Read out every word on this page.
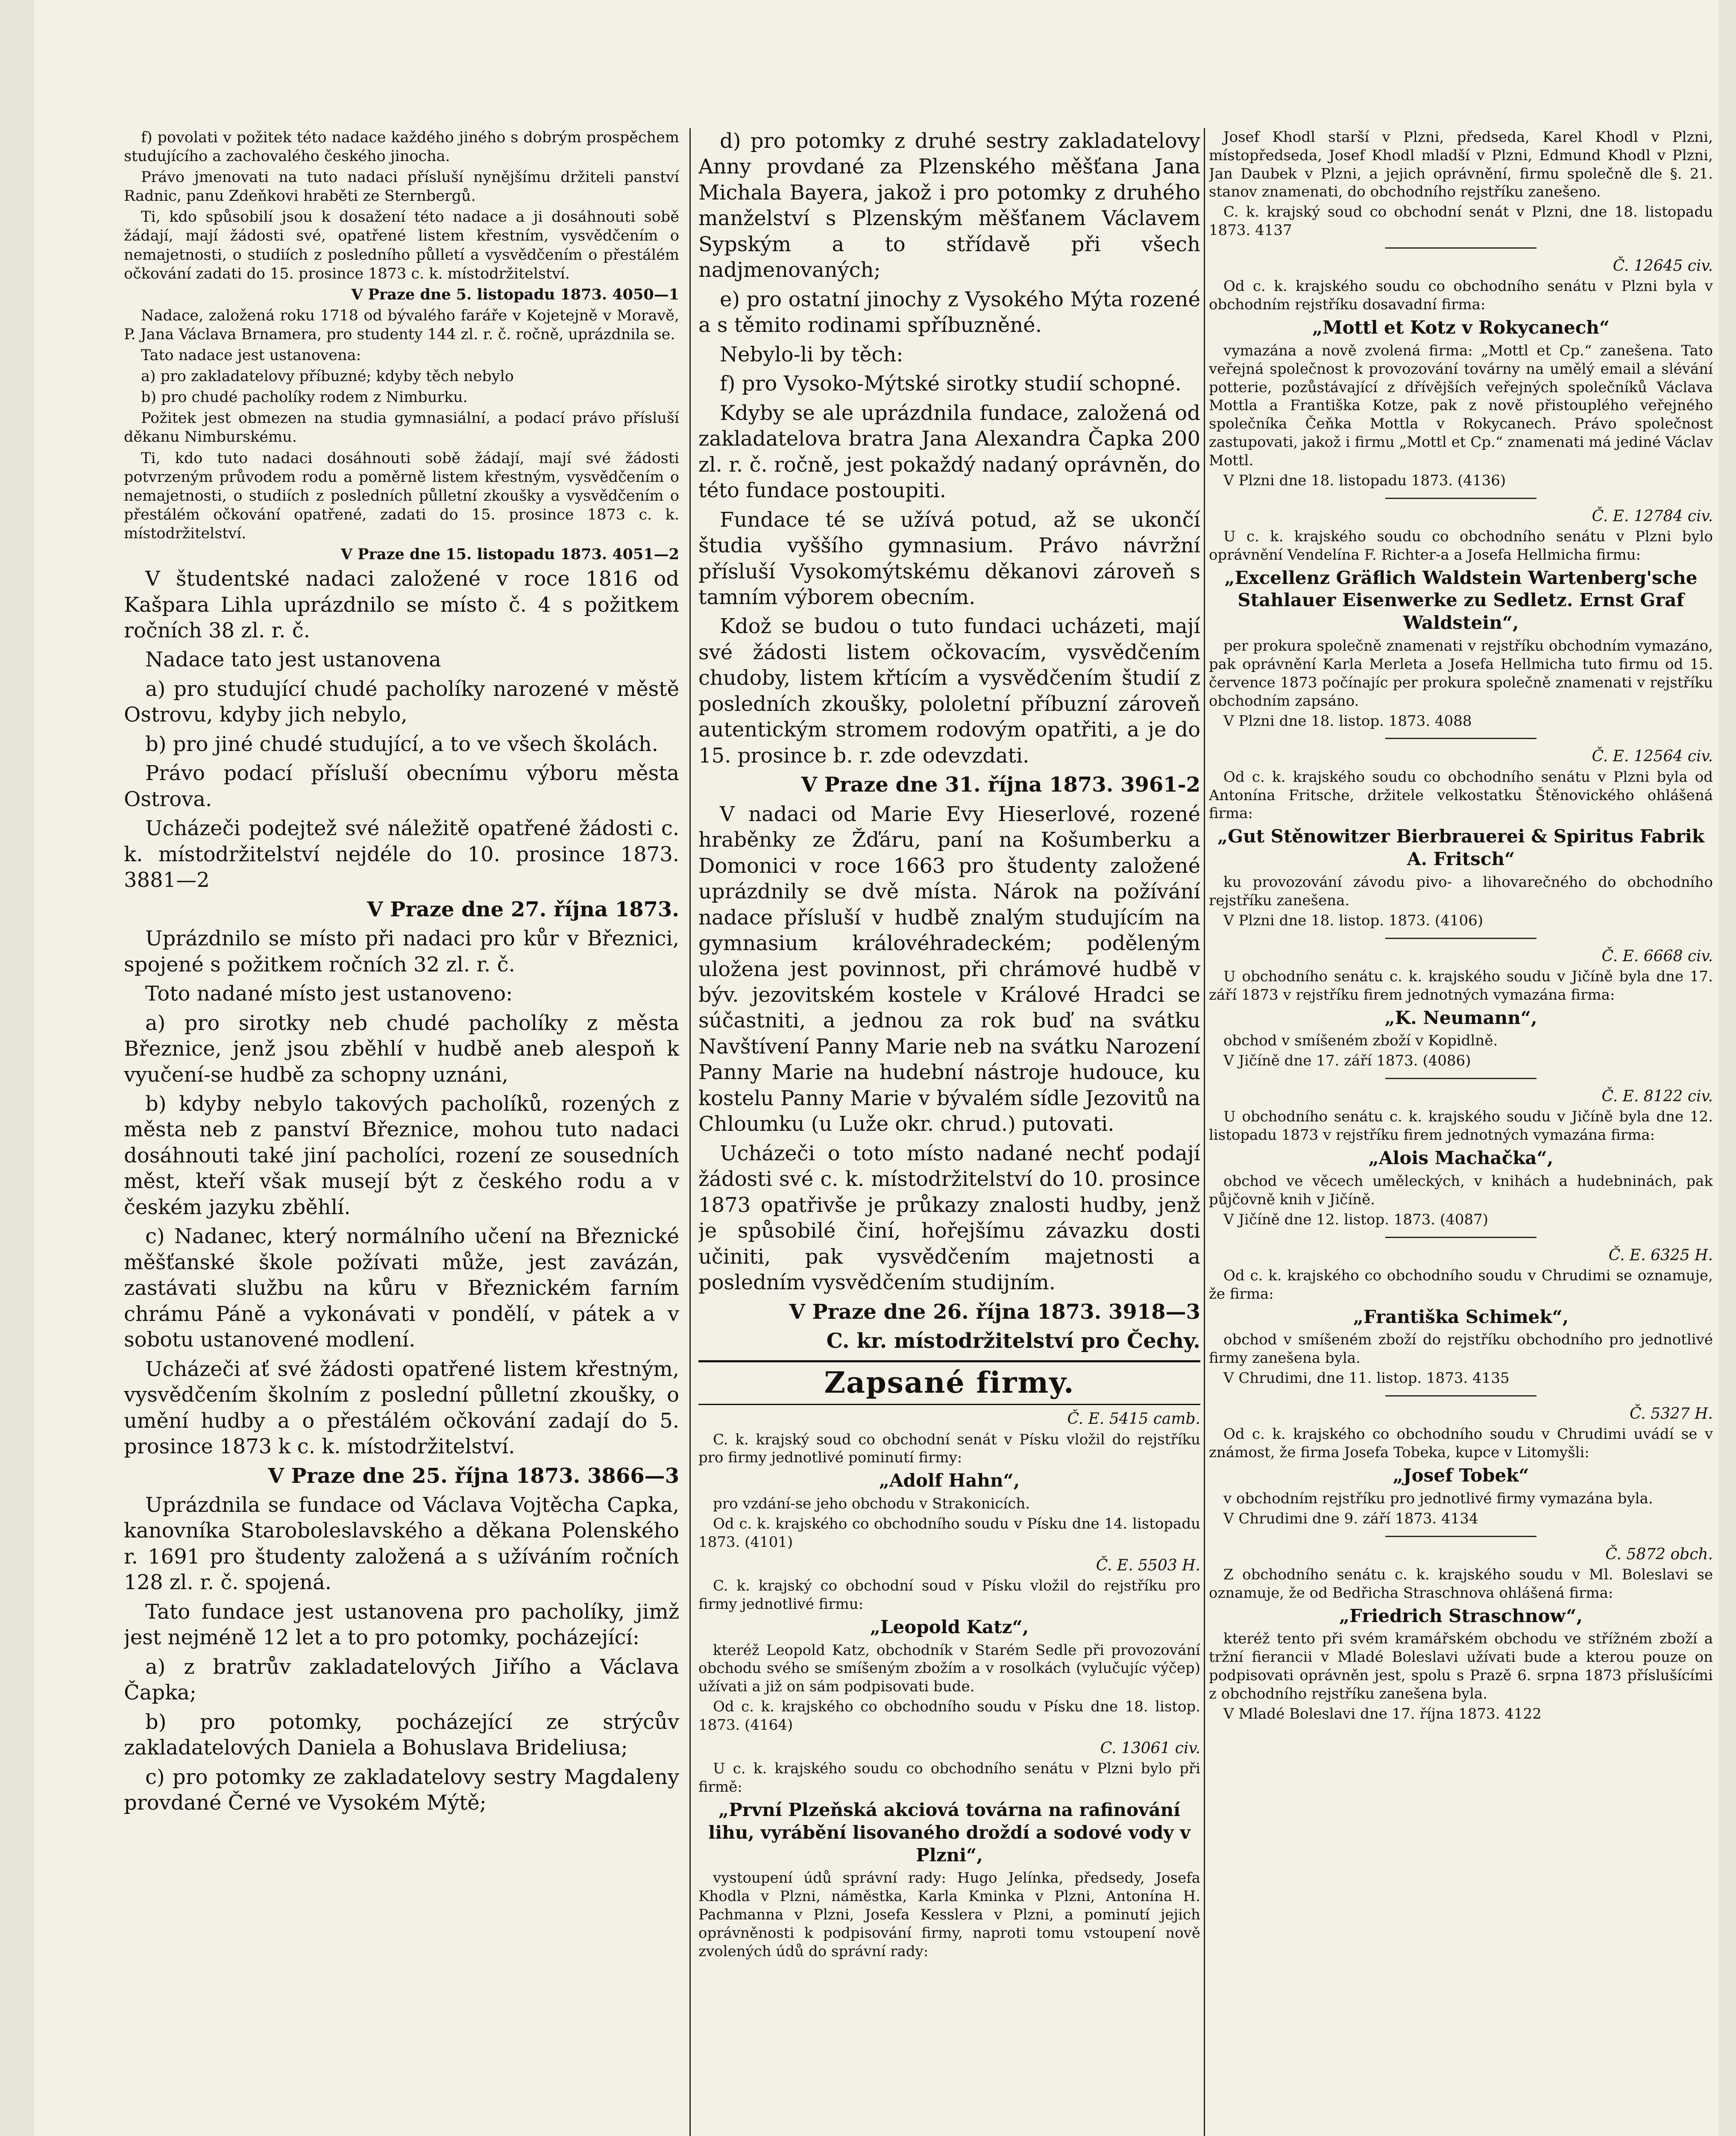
f) povolati v požitek této nadace každého jiného s dobrým prospěchem studujícího a zachovalého českého jinocha.

Právo jmenovati na tuto nadaci přísluší nynějšímu držiteli panství Radnic, panu Zdeňkovi hraběti ze Sternbergů.

Ti, kdo spůsobilí jsou k dosažení této nadace a ji dosáhnouti sobě žádají, mají žádosti své, opatřené listem křestním, vysvědčením o nemajetnosti, o studiích z posledního půlletí a vysvědčením o přestálém očkování zadati do 15. prosince 1873 c. k. místodržitelství.

V Praze dne 5. listopadu 1873. 4050—1

Nadace, založená roku 1718 od bývalého faráře v Kojetejně v Moravě, P. Jana Václava Brnamera, pro studenty 144 zl. r. č. ročně, uprázdnila se.

Tato nadace jest ustanovena:

a) pro zakladatelovy příbuzné; kdyby těch nebylo

b) pro chudé pacholíky rodem z Nimburku.

Požitek jest obmezen na studia gymnasiální, a podací právo přísluší děkanu Nimburskému.

Ti, kdo tuto nadaci dosáhnouti sobě žádají, mají své žádosti potvrzeným průvodem rodu a poměrně listem křestným, vysvědčením o nemajetnosti, o studiích z posledních půlletní zkoušky a vysvědčením o přestálém očkování opatřené, zadati do 15. prosince 1873 c. k. místodržitelství.

V Praze dne 15. listopadu 1873. 4051—2

V študentské nadaci založené v roce 1816 od Kašpara Lihla uprázdnilo se místo č. 4 s požitkem ročních 38 zl. r. č.

Nadace tato jest ustanovena

a) pro studující chudé pacholíky narozené v městě Ostrovu, kdyby jich nebylo,

b) pro jiné chudé studující, a to ve všech školách.

Právo podací přísluší obecnímu výboru města Ostrova.

Ucházeči podejtež své náležitě opatřené žádosti c. k. místodržitelství nejdéle do 10. prosince 1873. 3881—2

V Praze dne 27. října 1873.

Uprázdnilo se místo při nadaci pro kůr v Březnici, spojené s požitkem ročních 32 zl. r. č.

Toto nadané místo jest ustanoveno:

a) pro sirotky neb chudé pacholíky z města Březnice, jenž jsou zběhlí v hudbě aneb alespoň k vyučení-se hudbě za schopny uznáni,

b) kdyby nebylo takových pacholíků, rozených z města neb z panství Březnice, mohou tuto nadaci dosáhnouti také jiní pacholíci, rození ze sousedních měst, kteří však musejí být z českého rodu a v českém jazyku zběhlí.

c) Nadanec, který normálního učení na Březnické měšťanské škole požívati může, jest zavázán, zastávati službu na kůru v Březnickém farním chrámu Páně a vykonávati v pondělí, v pátek a v sobotu ustanovené modlení.

Ucházeči ať své žádosti opatřené listem křestným, vysvědčením školním z poslední půlletní zkoušky, o umění hudby a o přestálém očkování zadají do 5. prosince 1873 k c. k. místodržitelství.

V Praze dne 25. října 1873. 3866—3

Uprázdnila se fundace od Václava Vojtěcha Capka, kanovníka Staroboleslavského a děkana Polenského r. 1691 pro študenty založená a s užíváním ročních 128 zl. r. č. spojená.

Tato fundace jest ustanovena pro pacholíky, jimž jest nejméně 12 let a to pro potomky, pocházející:

a) z bratrův zakladatelových Jiřího a Václava Čapka;

b) pro potomky, pocházející ze strýcův zakladatelových Daniela a Bohuslava Brideliusa;

c) pro potomky ze zakladatelovy sestry Magdaleny provdané Černé ve Vysokém Mýtě;

d) pro potomky z druhé sestry zakladatelovy Anny provdané za Plzenského měšťana Jana Michala Bayera, jakož i pro potomky z druhého manželství s Plzenským měšťanem Václavem Sypským a to střídavě při všech nadjmenovaných;

e) pro ostatní jinochy z Vysokého Mýta rozené a s těmito rodinami spříbuzněné.

Nebylo-li by těch:

f) pro Vysoko-Mýtské sirotky studií schopné.

Kdyby se ale uprázdnila fundace, založená od zakladatelova bratra Jana Alexandra Čapka 200 zl. r. č. ročně, jest pokaždý nadaný oprávněn, do této fundace postoupiti.

Fundace té se užívá potud, až se ukončí študia vyššího gymnasium. Právo návržní přísluší Vysokomýtskému děkanovi zároveň s tamním výborem obecním.

Kdož se budou o tuto fundaci ucházeti, mají své žádosti listem očkovacím, vysvědčením chudoby, listem křtícím a vysvědčením študií z posledních zkoušky, pololetní příbuzní zároveň autentickým stromem rodovým opatřiti, a je do 15. prosince b. r. zde odevzdati.

V Praze dne 31. října 1873. 3961-2

V nadaci od Marie Evy Hieserlové, rozené hraběnky ze Žďáru, paní na Košumberku a Domonici v roce 1663 pro študenty založené uprázdnily se dvě místa. Nárok na požívání nadace přísluší v hudbě znalým studujícím na gymnasium královéhradeckém; poděleným uložena jest povinnost, při chrámové hudbě v býv. jezovitském kostele v Králové Hradci se súčastniti, a jednou za rok buď na svátku Navštívení Panny Marie neb na svátku Narození Panny Marie na hudební nástroje hudouce, ku kostelu Panny Marie v bývalém sídle Jezovitů na Chloumku (u Luže okr. chrud.) putovati.

Ucházeči o toto místo nadané nechť podají žádosti své c. k. místodržitelství do 10. prosince 1873 opatřivše je průkazy znalosti hudby, jenž je spůsobilé činí, hořejšímu závazku dosti učiniti, pak vysvědčením majetnosti a posledním vysvědčením studijním.

V Praze dne 26. října 1873. 3918—3

C. kr. místodržitelství pro Čechy.

Zapsané firmy.

Č. E. 5415 camb.

C. k. krajský soud co obchodní senát v Písku vložil do rejstříku pro firmy jednotlivé pominutí firmy:

„Adolf Hahn“,

pro vzdání-se jeho obchodu v Strakonicích.

Od c. k. krajského co obchodního soudu v Písku dne 14. listopadu 1873. (4101)

Č. E. 5503 H.

C. k. krajský co obchodní soud v Písku vložil do rejstříku pro firmy jednotlivé firmu:

„Leopold Katz“,

kteréž Leopold Katz, obchodník v Starém Sedle při provozování obchodu svého se smíšeným zbožím a v rosolkách (vylučujíc výčep) užívati a již on sám podpisovati bude.

Od c. k. krajského co obchodního soudu v Písku dne 18. listop. 1873. (4164)

C. 13061 civ.

U c. k. krajského soudu co obchodního senátu v Plzni bylo při firmě:

„První Plzeňská akciová továrna na rafinování lihu, vyrábění lisovaného droždí a sodové vody v Plzni“,

vystoupení údů správní rady: Hugo Jelínka, předsedy, Josefa Khodla v Plzni, náměstka, Karla Kminka v Plzni, Antonína H. Pachmanna v Plzni, Josefa Kesslera v Plzni, a pominutí jejich oprávněnosti k podpisování firmy, naproti tomu vstoupení nově zvolených údů do správní rady:

Josef Khodl starší v Plzni, předseda, Karel Khodl v Plzni, místopředseda, Josef Khodl mladší v Plzni, Edmund Khodl v Plzni, Jan Daubek v Plzni, a jejich oprávnění, firmu společně dle §. 21. stanov znamenati, do obchodního rejstříku zanešeno.

C. k. krajský soud co obchodní senát v Plzni, dne 18. listopadu 1873. 4137

Č. 12645 civ.

Od c. k. krajského soudu co obchodního senátu v Plzni byla v obchodním rejstříku dosavadní firma:

„Mottl et Kotz v Rokycanech“

vymazána a nově zvolená firma: „Mottl et Cp.“ zanešena. Tato veřejná společnost k provozování továrny na umělý email a slévání potterie, pozůstávající z dřívějších veřejných společníků Václava Mottla a Františka Kotze, pak z nově přistouplého veřejného společníka Čeňka Mottla v Rokycanech. Právo společnost zastupovati, jakož i firmu „Mottl et Cp.“ znamenati má jediné Václav Mottl.

V Plzni dne 18. listopadu 1873. (4136)

Č. E. 12784 civ.

U c. k. krajského soudu co obchodního senátu v Plzni bylo oprávnění Vendelína F. Richter-a a Josefa Hellmicha firmu:

„Excellenz Gräflich Waldstein Wartenberg'sche Stahlauer Eisenwerke zu Sedletz. Ernst Graf Waldstein“,

per prokura společně znamenati v rejstříku obchodním vymazáno, pak oprávnění Karla Merleta a Josefa Hellmicha tuto firmu od 15. července 1873 počínajíc per prokura společně znamenati v rejstříku obchodním zapsáno.

V Plzni dne 18. listop. 1873. 4088

Č. E. 12564 civ.

Od c. k. krajského soudu co obchodního senátu v Plzni byla od Antonína Fritsche, držitele velkostatku Štěnovického ohlášená firma:

„Gut Stěnowitzer Bierbrauerei & Spiritus Fabrik A. Fritsch“

ku provozování závodu pivo- a lihovarečného do obchodního rejstříku zanešena.

V Plzni dne 18. listop. 1873. (4106)

Č. E. 6668 civ.

U obchodního senátu c. k. krajského soudu v Jičíně byla dne 17. září 1873 v rejstříku firem jednotných vymazána firma:

„K. Neumann“,

obchod v smíšeném zboží v Kopidlně.

V Jičíně dne 17. září 1873. (4086)

Č. E. 8122 civ.

U obchodního senátu c. k. krajského soudu v Jičíně byla dne 12. listopadu 1873 v rejstříku firem jednotných vymazána firma:

„Alois Machačka“,

obchod ve věcech uměleckých, v knihách a hudebninách, pak půjčovně knih v Jičíně.

V Jičíně dne 12. listop. 1873. (4087)

Č. E. 6325 H.

Od c. k. krajského co obchodního soudu v Chrudimi se oznamuje, že firma:

„Františka Schimek“,

obchod v smíšeném zboží do rejstříku obchodního pro jednotlivé firmy zanešena byla.

V Chrudimi, dne 11. listop. 1873. 4135

Č. 5327 H.

Od c. k. krajského co obchodního soudu v Chrudimi uvádí se v známost, že firma Josefa Tobeka, kupce v Litomyšli:

„Josef Tobek“

v obchodním rejstříku pro jednotlivé firmy vymazána byla.

V Chrudimi dne 9. září 1873. 4134

Č. 5872 obch.

Z obchodního senátu c. k. krajského soudu v Ml. Boleslavi se oznamuje, že od Bedřicha Straschnova ohlášená firma:

„Friedrich Straschnow“,

kteréž tento při svém kramářském obchodu ve střížném zboží a tržní fierancii v Mladé Boleslavi užívati bude a kterou pouze on podpisovati oprávněn jest, spolu s Prazě 6. srpna 1873 příslušícími z obchodního rejstříku zanešena byla.

V Mladé Boleslavi dne 17. října 1873. 4122
